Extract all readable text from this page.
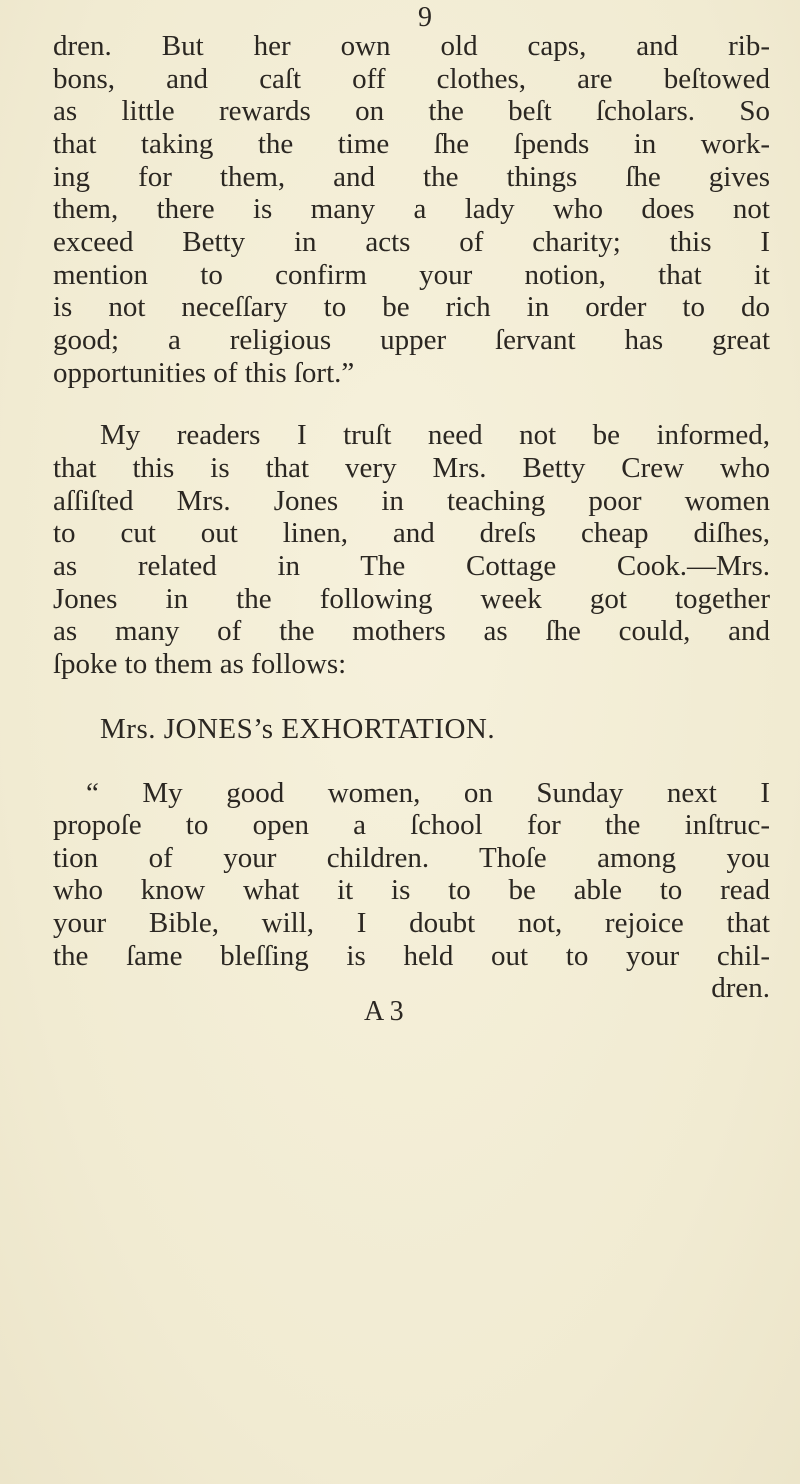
9
dren. But her own old caps, and rib-
bons, and caſt off clothes, are beſtowed
as little rewards on the beſt ſcholars. So
that taking the time ſhe ſpends in work-
ing for them, and the things ſhe gives
them, there is many a lady who does not
exceed Betty in acts of charity; this I
mention to confirm your notion, that it
is not neceſſary to be rich in order to do
good; a religious upper ſervant has great
opportunities of this ſort.”
My readers I truſt need not be informed,
that this is that very Mrs. Betty Crew who
aſſiſted Mrs. Jones in teaching poor women
to cut out linen, and dreſs cheap diſhes,
as related in The Cottage Cook.—Mrs.
Jones in the following week got together
as many of the mothers as ſhe could, and
ſpoke to them as follows:
Mrs. JONES’s EXHORTATION.
“ My good women, on Sunday next I
propoſe to open a ſchool for the inſtruc-
tion of your children. Thoſe among you
who know what it is to be able to read
your Bible, will, I doubt not, rejoice that
the ſame bleſſing is held out to your chil-
dren.
A 3
